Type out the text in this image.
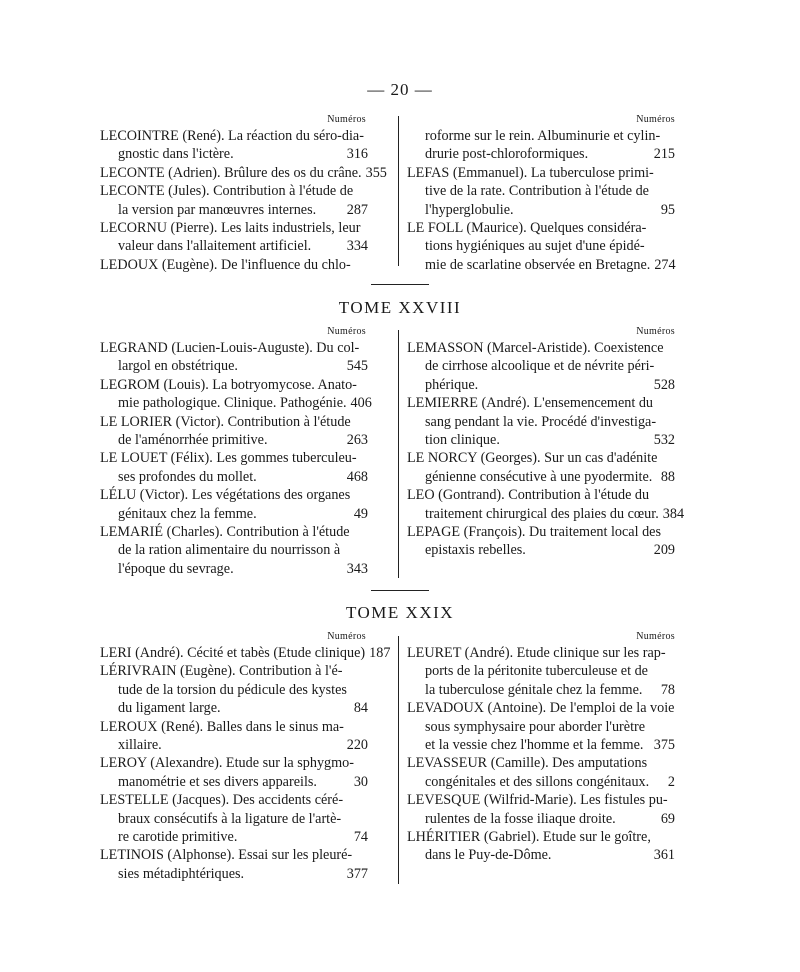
— 20 —
Numéros
LECOINTRE (René). La réaction du séro-dia-
gnostic dans l'ictère.	316
LECONTE (Adrien). Brûlure des os du crâne. 355
LECONTE (Jules). Contribution à l'étude de
la version par manœuvres internes. 287
LECORNU (Pierre). Les laits industriels, leur
valeur dans l'allaitement artificiel.	334
LEDOUX (Eugène). De l'influence du chlo-
Numéros
roforme sur le rein. Albuminurie et cylin-
drurie post-chloroformiques.	215
LEFAS (Emmanuel). La tuberculose primi-
tive de la rate. Contribution à l'étude de
l'hyperglobulie.	95
LE FOLL (Maurice). Quelques considéra-
tions hygiéniques au sujet d'une épidé-
mie de scarlatine observée en Bretagne. 274
TOME XXVIII
Numéros
LEGRAND (Lucien-Louis-Auguste). Du col-
largol en obstétrique.	545
LEGROM (Louis). La botryomycose. Anato-
mie pathologique. Clinique. Pathogénie. 406
LE LORIER (Victor). Contribution à l'étude
de l'aménorrhée primitive.	263
LE LOUET (Félix). Les gommes tuberculeu-
ses profondes du mollet.	468
LÉLU (Victor). Les végétations des organes
génitaux chez la femme.	49
LEMARIÉ (Charles). Contribution à l'étude
de la ration alimentaire du nourrisson à
l'époque du sevrage.	343
Numéros
LEMASSON (Marcel-Aristide). Coexistence
de cirrhose alcoolique et de névrite péri-
phérique.	528
LEMIERRE (André). L'ensemencement du
sang pendant la vie. Procédé d'investiga-
tion clinique.	532
LE NORCY (Georges). Sur un cas d'adénite
génienne consécutive à une pyodermite. 88
LEO (Gontrand). Contribution à l'étude du
traitement chirurgical des plaies du cœur. 384
LEPAGE (François). Du traitement local des
epistaxis rebelles.	209
TOME XXIX
Numéros
LERI (André). Cécité et tabès (Etude clinique) 187
LÉRIVRAIN (Eugène). Contribution à l'é-
tude de la torsion du pédicule des kystes
du ligament large.	84
LEROUX (René). Balles dans le sinus ma-
xillaire.	220
LEROY (Alexandre). Etude sur la sphygmo-
manométrie et ses divers appareils.	30
LESTELLE (Jacques). Des accidents céré-
braux consécutifs à la ligature de l'artè-
re carotide primitive.	74
LETINOIS (Alphonse). Essai sur les pleuré-
sies métadiphtériques.	377
Numéros
LEURET (André). Etude clinique sur les rap-
ports de la péritonite tuberculeuse et de
la tuberculose génitale chez la femme. 78
LEVADOUX (Antoine). De l'emploi de la voie
sous symphysaire pour aborder l'urètre
et la vessie chez l'homme et la femme. 375
LEVASSEUR (Camille). Des amputations
congénitales et des sillons congénitaux. 2
LEVESQUE (Wilfrid-Marie). Les fistules pu-
rulentes de la fosse iliaque droite.	69
LHÉRITIER (Gabriel). Etude sur le goître,
dans le Puy-de-Dôme.	361
